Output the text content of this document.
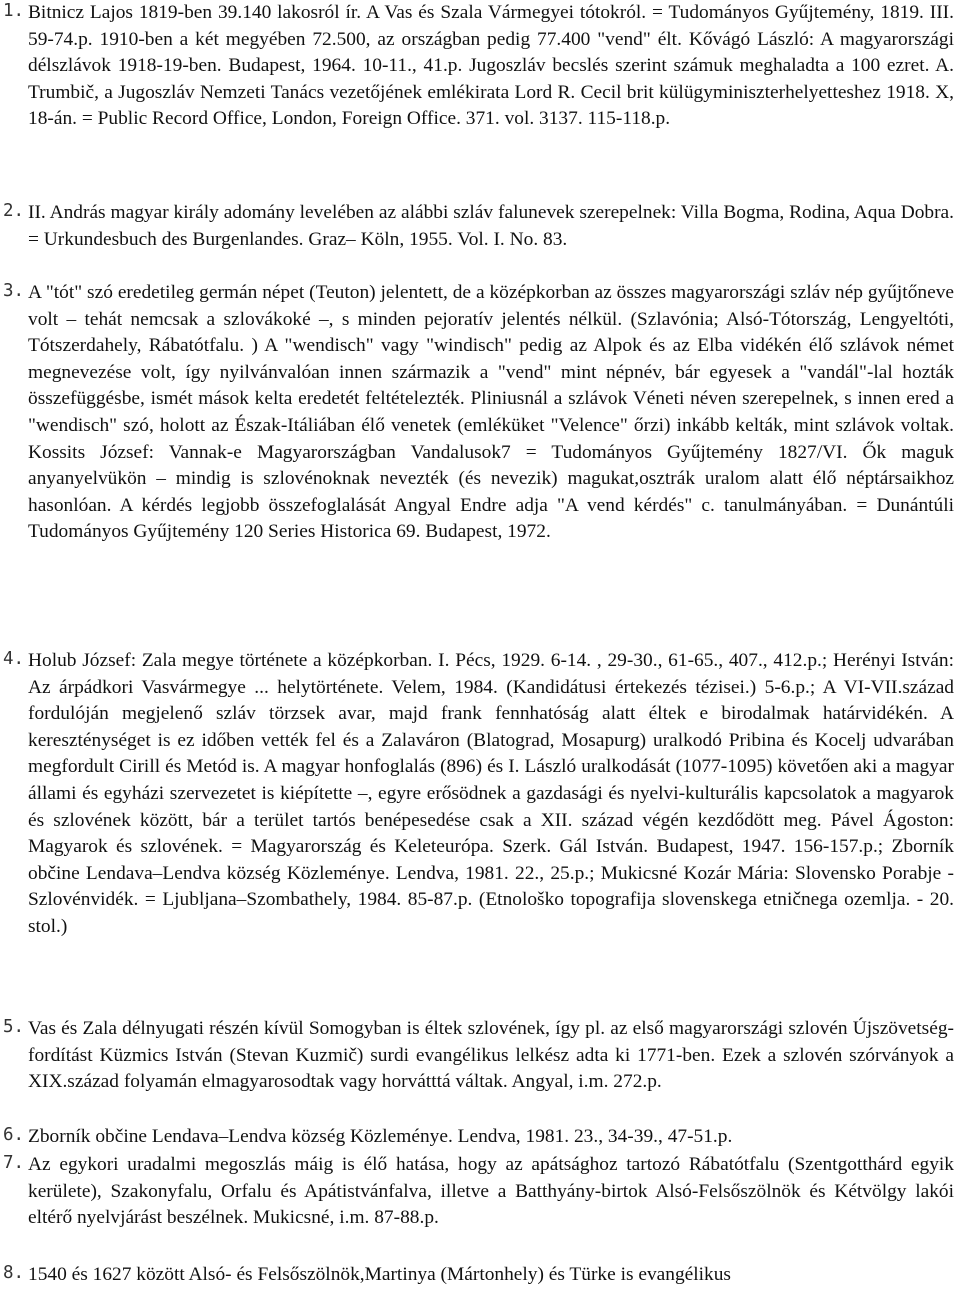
1. Bitnicz Lajos 1819-ben 39.140 lakosról ír. A Vas és Szala Vármegyei tótokról. = Tudományos Gyűjtemény, 1819. III. 59-74.p. 1910-ben a két megyében 72.500, az országban pedig 77.400 "vend" élt. Kővágó László: A magyarországi délszlávok 1918-19-ben. Budapest, 1964. 10-11., 41.p. Jugoszláv becslés szerint számuk meghaladta a 100 ezret. A. Trumbič, a Jugoszláv Nemzeti Tanács vezetőjének emlékirata Lord R. Cecil brit külügyminiszterhelyetteshez 1918. X, 18-án. = Public Record Office, London, Foreign Office. 371. vol. 3137. 115-118.p.

2. II. András magyar király adomány levelében az alábbi szláv falunevek szerepelnek: Villa Bogma, Rodina, Aqua Dobra. = Urkundesbuch des Burgenlandes. Graz– Köln, 1955. Vol. I. No. 83.

3. A "tót" szó eredetileg germán népet (Teuton) jelentett, de a középkorban az összes magyarországi szláv nép gyűjtőneve volt – tehát nemcsak a szlovákoké –, s minden pejoratív jelentés nélkül. (Szlavónia; Alsó-Tótország, Lengyeltóti, Tótszerdahely, Rábatótfalu. ) A "wendisch" vagy "windisch" pedig az Alpok és az Elba vidékén élő szlávok német megnevezése volt, így nyilvánvalóan innen származik a "vend" mint népnév, bár egyesek a "vandál"-lal hozták összefüggésbe, ismét mások kelta eredetét feltételezték. Pliniusnál a szlávok Véneti néven szerepelnek, s innen ered a "wendisch" szó, holott az Észak-Itáliában élő venetek (emléküket "Velence" őrzi) inkább kelták, mint szlávok voltak. Kossits József: Vannak-e Magyarországban Vandalusok7 = Tudományos Gyűjtemény 1827/VI. Ők maguk anyanyelvükön – mindig is szlovénoknak nevezték (és nevezik) magukat,osztrák uralom alatt élő néptársaikhoz hasonlóan. A kérdés legjobb összefoglalását Angyal Endre adja "A vend kérdés" c. tanulmányában. = Dunántúli Tudományos Gyűjtemény 120 Series Historica 69. Budapest, 1972.

4. Holub József: Zala megye története a középkorban. I. Pécs, 1929. 6-14. , 29-30., 61-65., 407., 412.p.; Herényi István: Az árpádkori Vasvármegye ... helytörténete. Velem, 1984. (Kandidátusi értekezés tézisei.) 5-6.p.; A VI-VII.század fordulóján megjelenő szláv törzsek avar, majd frank fennhatóság alatt éltek e birodalmak határvidékén. A kereszténységet is ez időben vették fel és a Zalaváron (Blatograd, Mosapurg) uralkodó Pribina és Kocelj udvarában megfordult Cirill és Metód is. A magyar honfoglalás (896) és I. László uralkodását (1077-1095) követően aki a magyar állami és egyházi szervezetet is kiépítette –, egyre erősödnek a gazdasági és nyelvi-kulturális kapcsolatok a magyarok és szlovének között, bár a terület tartós benépesedése csak a XII. század végén kezdődött meg. Pável Ágoston: Magyarok és szlovének. = Magyarország és Keleteurópa. Szerk. Gál István. Budapest, 1947. 156-157.p.; Zborník občine Lendava–Lendva község Közleménye. Lendva, 1981. 22., 25.p.; Mukicsné Kozár Mária: Slovensko Porabje - Szlovénvidék. = Ljubljana–Szombathely, 1984. 85-87.p. (Etnološko topografija slovenskega etničnega ozemlja. - 20. stol.)

5. Vas és Zala délnyugati részén kívül Somogyban is éltek szlovének, így pl. az első magyarországi szlovén Újszövetség-fordítást Küzmics István (Stevan Kuzmič) surdi evangélikus lelkész adta ki 1771-ben. Ezek a szlovén szórványok a XIX.század folyamán elmagyarosodtak vagy horvátttá váltak. Angyal, i.m. 272.p.

6. Zborník občine Lendava–Lendva község Közleménye. Lendva, 1981. 23., 34-39., 47-51.p.

7. Az egykori uradalmi megoszlás máig is élő hatása, hogy az apátsághoz tartozó Rábatótfalu (Szentgotthárd egyik kerülete), Szakonyfalu, Orfalu és Apátistvánfalva, illetve a Batthyány-birtok Alsó-Felsőszölnök és Kétvölgy lakói eltérő nyelvjárást beszélnek. Mukicsné, i.m. 87-88.p.

8. 1540 és 1627 között Alsó- és Felsőszölnök,Martinya (Mártonhely) és Türke is evangélikus
